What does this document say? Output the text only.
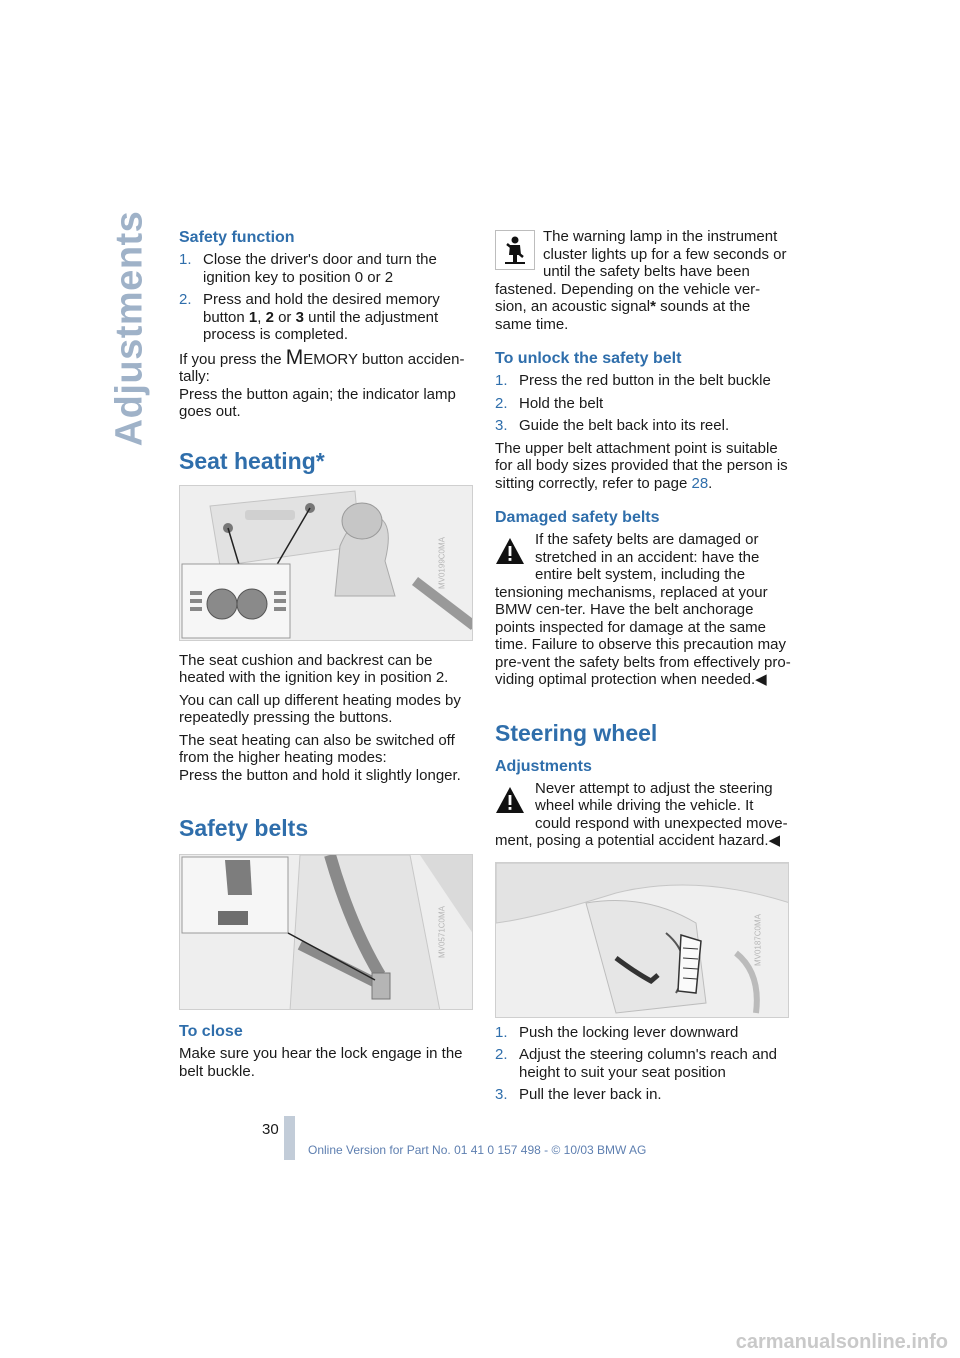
Adjustments Safety function
1. Close the driver's door and turn the ignition key to position 0 or 2
2. Press and hold the desired memory button 1, 2 or 3 until the adjustment process is completed.

If you press the MEMORY button acciden-tally:

Press the button again; the indicator lamp goes out.

Seat heating*
MV0199C0MA

The seat cushion and backrest can be heated with the ignition key in position 2.

You can call up different heating modes by repeatedly pressing the buttons.

The seat heating can also be switched off from the higher heating modes:

Press the button and hold it slightly longer.

Safety belts
MV0571C0MA
To close

Make sure you hear the lock engage in the belt buckle.

The warning lamp in the instrument cluster lights up for a few seconds or until the safety belts have been fastened. Depending on the vehicle ver-sion, an acoustic signal* sounds at the same time.

To unlock the safety belt
1. Press the red button in the belt buckle
2. Hold the belt
3. Guide the belt back into its reel.

The upper belt attachment point is suitable for all body sizes provided that the person is sitting correctly, refer to page 28.

Damaged safety belts

If the safety belts are damaged or stretched in an accident: have the entire belt system, including the tensioning mechanisms, replaced at your BMW cen-ter. Have the belt anchorage points inspected for damage at the same time. Failure to observe this precaution may pre-vent the safety belts from effectively pro-viding optimal protection when needed.◀

Steering wheel
Adjustments

Never attempt to adjust the steering wheel while driving the vehicle. It could respond with unexpected move-ment, posing a potential accident hazard.◀

MV0187C0MA
1. Push the locking lever downward
2. Adjust the steering column's reach and height to suit your seat position
3. Pull the lever back in.
30
Online Version for Part No. 01 41 0 157 498 - © 10/03 BMW AG
carmanualsonline.info
